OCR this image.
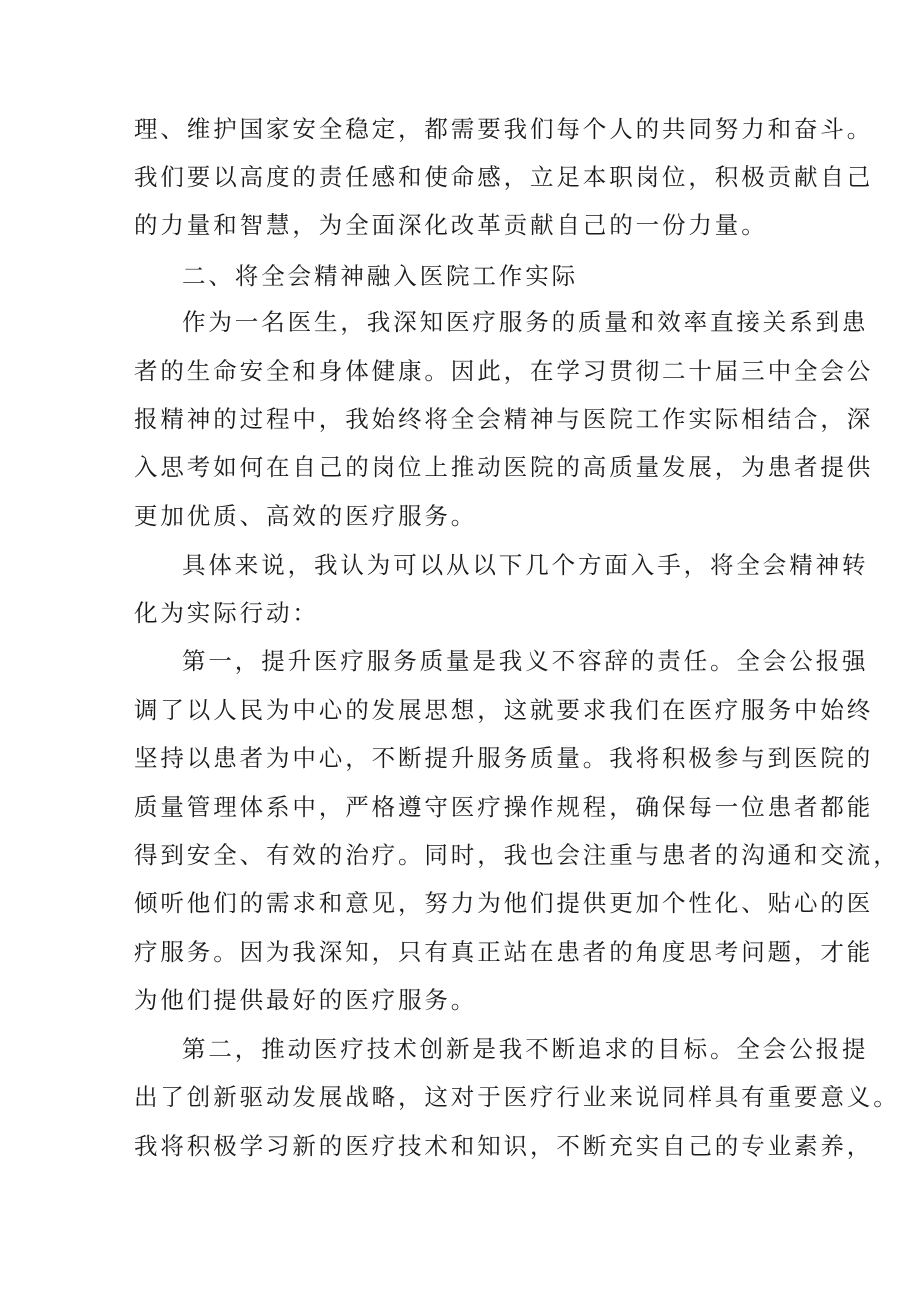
理、维护国家安全稳定，都需要我们每个人的共同努力和奋斗。
我们要以高度的责任感和使命感，立足本职岗位，积极贡献自己
的力量和智慧，为全面深化改革贡献自己的一份力量。
二、将全会精神融入医院工作实际
作为一名医生，我深知医疗服务的质量和效率直接关系到患
者的生命安全和身体健康。因此，在学习贯彻二十届三中全会公
报精神的过程中，我始终将全会精神与医院工作实际相结合，深
入思考如何在自己的岗位上推动医院的高质量发展，为患者提供
更加优质、高效的医疗服务。
具体来说，我认为可以从以下几个方面入手，将全会精神转
化为实际行动：
第一，提升医疗服务质量是我义不容辞的责任。全会公报强
调了以人民为中心的发展思想，这就要求我们在医疗服务中始终
坚持以患者为中心，不断提升服务质量。我将积极参与到医院的
质量管理体系中，严格遵守医疗操作规程，确保每一位患者都能
得到安全、有效的治疗。同时，我也会注重与患者的沟通和交流，
倾听他们的需求和意见，努力为他们提供更加个性化、贴心的医
疗服务。因为我深知，只有真正站在患者的角度思考问题，才能
为他们提供最好的医疗服务。
第二，推动医疗技术创新是我不断追求的目标。全会公报提
出了创新驱动发展战略，这对于医疗行业来说同样具有重要意义。
我将积极学习新的医疗技术和知识，不断充实自己的专业素养，
